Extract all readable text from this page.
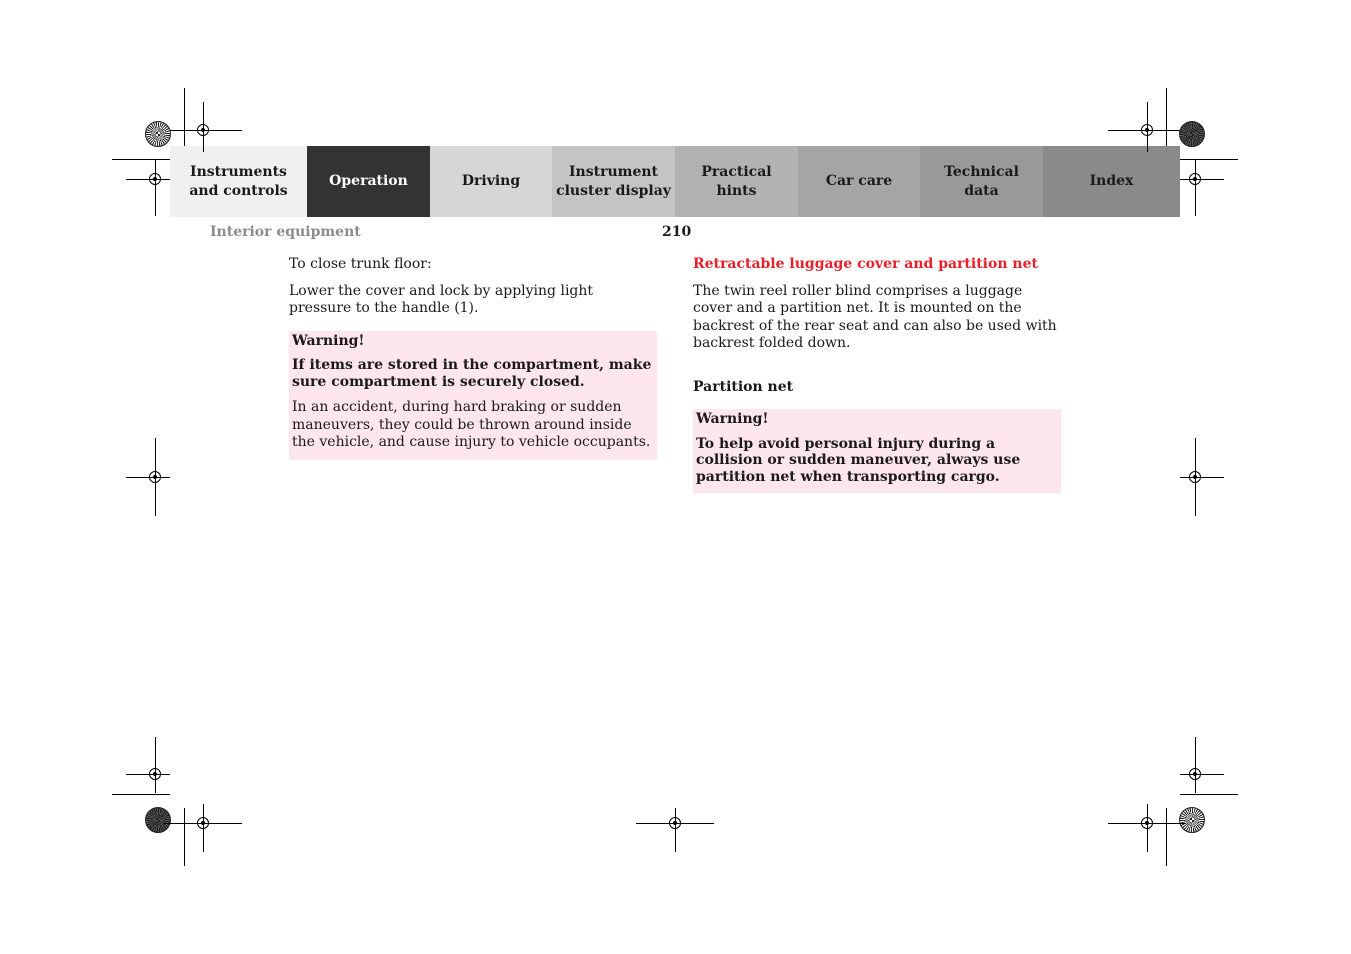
Instruments
and controls
Operation	Driving
Instrument
cluster display
Practical hints
Car care
Technical
data
Index
Interior equipment	210

To close trunk floor:

Lower the cover and lock by applying light pressure to the handle (1).

Warning!
If items are stored in the compartment, make sure compartment is securely closed.
In an accident, during hard braking or sudden maneuvers, they could be thrown around inside the vehicle, and cause injury to vehicle occupants.

Retractable luggage cover and partition net

The twin reel roller blind comprises a luggage cover and a partition net. It is mounted on the backrest of the rear seat and can also be used with backrest folded down.

Partition net

Warning!
To help avoid personal injury during a collision or sudden maneuver, always use partition net when transporting cargo.
